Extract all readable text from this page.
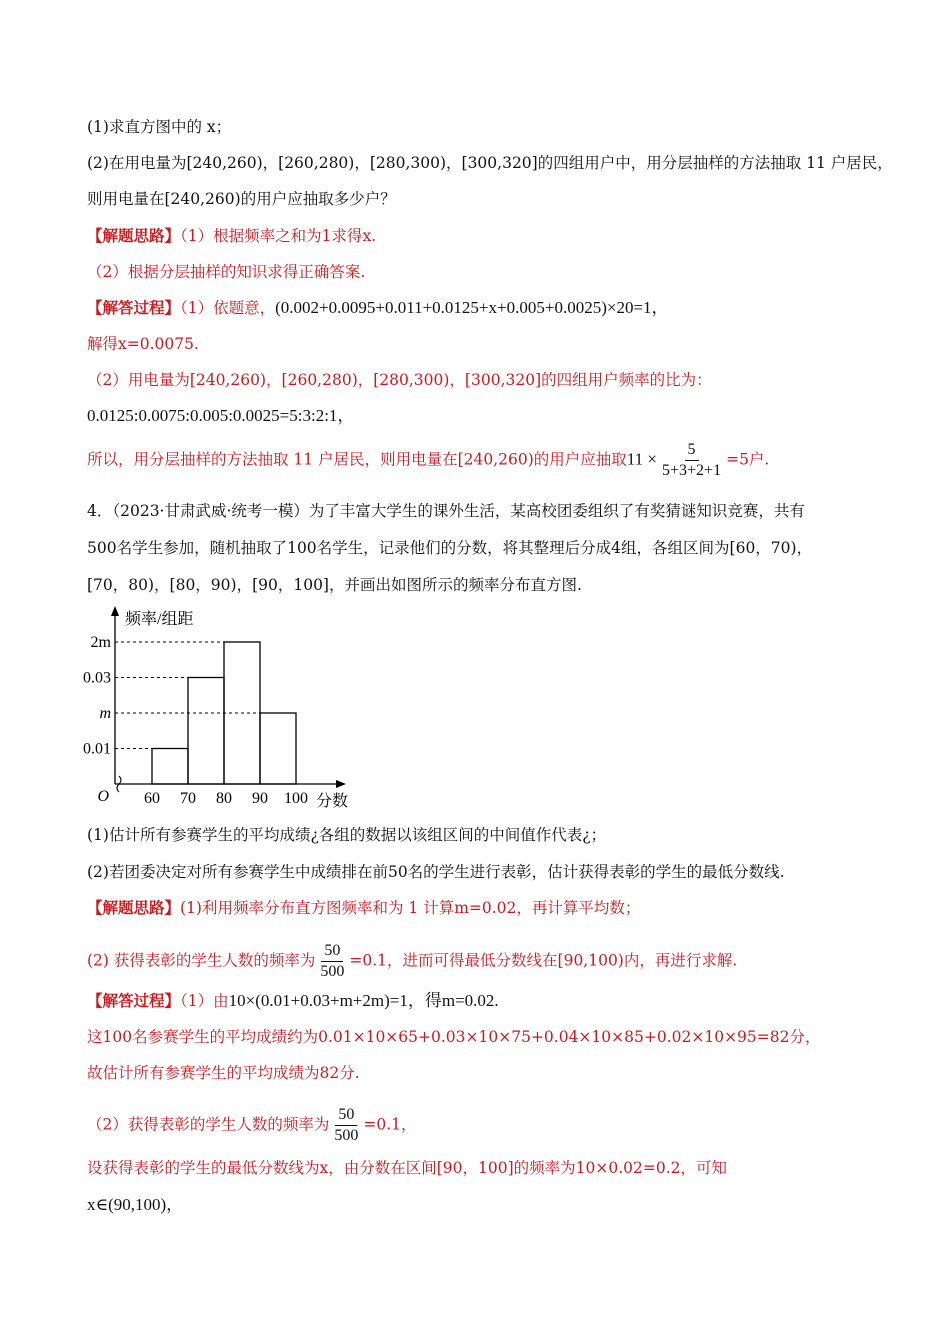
(1)求直方图中的 x；
(2)在用电量为[240,260)，[260,280)，[280,300)，[300,320]的四组用户中，用分层抽样的方法抽取 11 户居民，
则用电量在[240,260)的用户应抽取多少户？
【解题思路】（1）根据频率之和为1求得x.
（2）根据分层抽样的知识求得正确答案.
【解答过程】（1）依题意，(0.002+0.0095+0.011+0.0125+x+0.005+0.0025)×20=1，
解得x=0.0075.
（2）用电量为[240,260)，[260,280)，[280,300)，[300,320]的四组用户频率的比为：
0.0125:0.0075:0.005:0.0025=5:3:2:1，
所以，用分层抽样的方法抽取 11 户居民，则用电量在[240,260)的用户应抽取$11 \times \frac{5}{5+3+2+1} =5$户.
4．（2023·甘肃武威·统考一模）为了丰富大学生的课外生活，某高校团委组织了有奖猜谜知识竞赛，共有
500名学生参加，随机抽取了100名学生，记录他们的分数，将其整理后分成4组，各组区间为[60，70)，
[70，80)，[80，90)，[90，100]，并画出如图所示的频率分布直方图.
0.01
m
0.03
2m
60 70 80 90 100 分数
频率/组距
O
(1)估计所有参赛学生的平均成绩¿各组的数据以该组区间的中间值作代表¿；
(2)若团委决定对所有参赛学生中成绩排在前50名的学生进行表彰，估计获得表彰的学生的最低分数线.
【解题思路】(1)利用频率分布直方图频率和为 1 计算m=0.02，再计算平均数；
(2) 获得表彰的学生人数的频率为 $\frac{50}{500} =0.1$，进而可得最低分数线在[90,100)内，再进行求解.
【解答过程】（1）由10×(0.01+0.03+m+2m)=1，得m=0.02.
这100名参赛学生的平均成绩约为0.01×10×65+0.03×10×75+0.04×10×85+0.02×10×95=82分，
故估计所有参赛学生的平均成绩为82分.
（2）获得表彰的学生人数的频率为 $\frac{50}{500} =0.1$，
设获得表彰的学生的最低分数线为x，由分数在区间[90，100]的频率为10×0.02=0.2，可知
x∈(90,100)，
